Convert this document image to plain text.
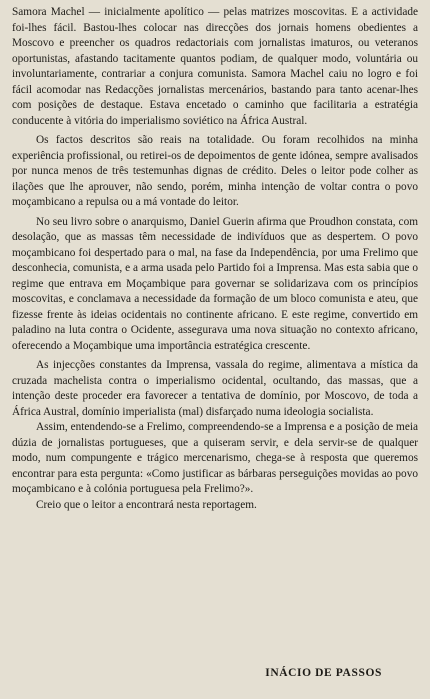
Samora Machel — inicialmente apolítico — pelas matrizes moscovitas. E a actividade foi-lhes fácil. Bastou-lhes colocar nas direcções dos jornais homens obedientes a Moscovo e preencher os quadros redactoriais com jornalistas imaturos, ou veteranos oportunistas, afastando tacitamente quantos podiam, de qualquer modo, voluntária ou involuntariamente, contrariar a conjura comunista. Samora Machel caiu no logro e foi fácil acomodar nas Redacções jornalistas mercenários, bastando para tanto acenar-lhes com posições de destaque. Estava encetado o caminho que facilitaria a estratégia conducente à vitória do imperialismo soviético na África Austral.

Os factos descritos são reais na totalidade. Ou foram recolhidos na minha experiência profissional, ou retirei-os de depoimentos de gente idónea, sempre avalisados por nunca menos de três testemunhas dignas de crédito. Deles o leitor pode colher as ilações que lhe aprouver, não sendo, porém, minha intenção de voltar contra o povo moçambicano a repulsa ou a má vontade do leitor.

No seu livro sobre o anarquismo, Daniel Guerin afirma que Proudhon constata, com desolação, que as massas têm necessidade de indivíduos que as despertem. O povo moçambicano foi despertado para o mal, na fase da Independência, por uma Frelimo que desconhecia, comunista, e a arma usada pelo Partido foi a Imprensa. Mas esta sabia que o regime que entrava em Moçambique para governar se solidarizava com os princípios moscovitas, e conclamava a necessidade da formação de um bloco comunista e ateu, que fizesse frente às ideias ocidentais no continente africano. E este regime, convertido em paladino na luta contra o Ocidente, assegurava uma nova situação no contexto africano, oferecendo a Moçambique uma importância estratégica crescente.

As injecções constantes da Imprensa, vassala do regime, alimentava a mística da cruzada machelista contra o imperialismo ocidental, ocultando, das massas, que a intenção deste proceder era favorecer a tentativa de domínio, por Moscovo, de toda a África Austral, domínio imperialista (mal) disfarçado numa ideologia socialista.

Assim, entendendo-se a Frelimo, compreendendo-se a Imprensa e a posição de meia dúzia de jornalistas portugueses, que a quiseram servir, e dela servir-se de qualquer modo, num compungente e trágico mercenarismo, chega-se à resposta que queremos encontrar para esta pergunta: «Como justificar as bárbaras perseguições movidas ao povo moçambicano e à colónia portuguesa pela Frelimo?».

Creio que o leitor a encontrará nesta reportagem.

INÁCIO DE PASSOS
